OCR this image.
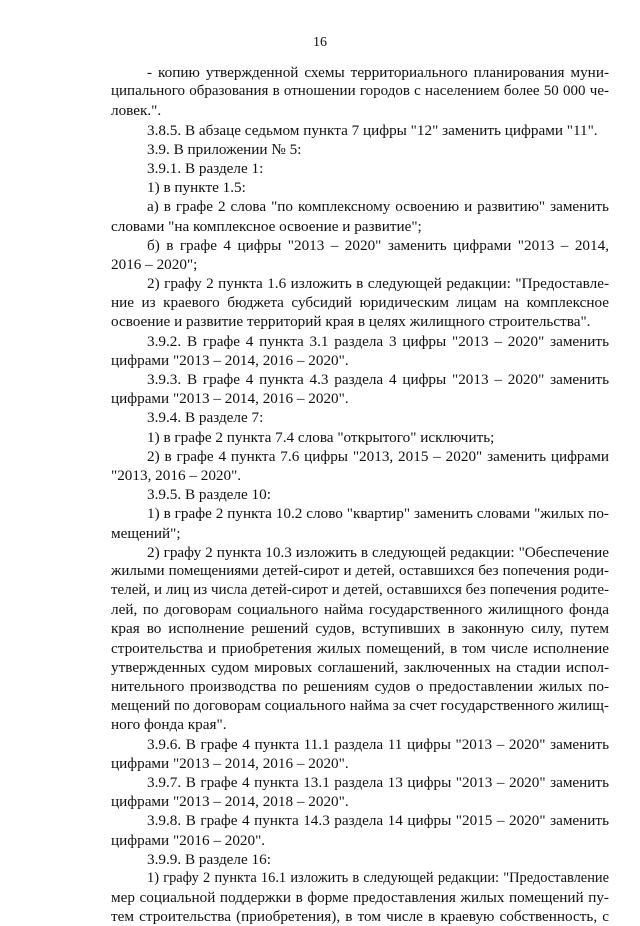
16
- копию утвержденной схемы территориального планирования муни-
ципального образования в отношении городов с населением более 50 000 че-
ловек.".
3.8.5. В абзаце седьмом пункта 7 цифры "12" заменить цифрами "11".
3.9. В приложении № 5:
3.9.1. В разделе 1:
1) в пункте 1.5:
а) в графе 2 слова "по комплексному освоению и развитию" заменить
словами "на комплексное освоение и развитие";
б) в графе 4 цифры "2013 – 2020" заменить цифрами "2013 – 2014,
2016 – 2020";
2) графу 2 пункта 1.6 изложить в следующей редакции: "Предоставле-
ние из краевого бюджета субсидий юридическим лицам на комплексное
освоение и развитие территорий края в целях жилищного строительства".
3.9.2. В графе 4 пункта 3.1 раздела 3 цифры "2013 – 2020" заменить
цифрами "2013 – 2014, 2016 – 2020".
3.9.3. В графе 4 пункта 4.3 раздела 4 цифры "2013 – 2020" заменить
цифрами "2013 – 2014, 2016 – 2020".
3.9.4. В разделе 7:
1) в графе 2 пункта 7.4 слова "открытого" исключить;
2) в графе 4 пункта 7.6 цифры "2013, 2015 – 2020" заменить цифрами
"2013, 2016 – 2020".
3.9.5. В разделе 10:
1) в графе 2 пункта 10.2 слово "квартир" заменить словами "жилых по-
мещений";
2) графу 2 пункта 10.3 изложить в следующей редакции: "Обеспечение
жилыми помещениями детей-сирот и детей, оставшихся без попечения роди-
телей, и лиц из числа детей-сирот и детей, оставшихся без попечения родите-
лей, по договорам социального найма государственного жилищного фонда
края во исполнение решений судов, вступивших в законную силу, путем
строительства и приобретения жилых помещений, в том числе исполнение
утвержденных судом мировых соглашений, заключенных на стадии испол-
нительного производства по решениям судов о предоставлении жилых по-
мещений по договорам социального найма за счет государственного жилищ-
ного фонда края".
3.9.6. В графе 4 пункта 11.1 раздела 11 цифры "2013 – 2020" заменить
цифрами "2013 – 2014, 2016 – 2020".
3.9.7. В графе 4 пункта 13.1 раздела 13 цифры "2013 – 2020" заменить
цифрами "2013 – 2014, 2018 – 2020".
3.9.8. В графе 4 пункта 14.3 раздела 14 цифры "2015 – 2020" заменить
цифрами "2016 – 2020".
3.9.9. В разделе 16:
1) графу 2 пункта 16.1 изложить в следующей редакции: "Предоставление
мер социальной поддержки в форме предоставления жилых помещений пу-
тем строительства (приобретения), в том числе в краевую собственность, с
